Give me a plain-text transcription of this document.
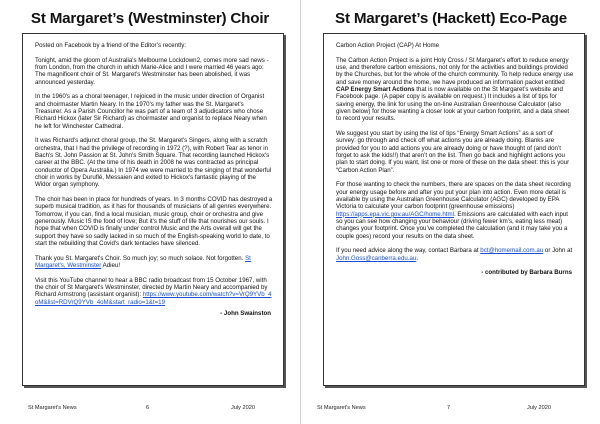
St Margaret’s (Westminster) Choir

Posted on Facebook by a friend of the Editor’s recently:

Tonight, amid the gloom of Australia's Melbourne Lockdown2, comes more sad news - from London, from the church in which Marie-Alice and I were married 46 years ago: The magnificent choir of St. Margaret's Westminster has been abolished, it was announced yesterday.

In the 1960's as a choral teenager, I rejoiced in the music under direction of Organist and choirmaster Martin Neary. In the 1970's my father was the St. Margaret's Treasurer. As a Parish Councillor he was part of a team of 3 adjudicators who chose Richard Hickox (later Sir Richard) as choirmaster and organist to replace Neary when he left for Winchester Cathedral.

It was Richard's adjunct choral group, the St. Margaret's Singers, along with a scratch orchestra, that I had the privilege of recording in 1972 (?), with Robert Tear as tenor in Bach's St. John Passion at St. John's Smith Square. That recording launched Hickox's career at the BBC. (At the time of his death in 2008 he was contracted as principal conductor of Opera Australia.) In 1974 we were married to the singing of that wonderful choir in works by Duruflé, Messaien and exited to Hickox's fantastic playing of the Widor organ symphony.

The choir has been in place for hundreds of years. In 3 months COVID has destroyed a superb musical tradition, as it has for thousands of musicians of all genres everywhere. Tomorrow, if you can, find a local musician, music group, choir or orchestra and give generously. Music IS the food of love; But it's the stuff of life that nourishes our souls. I hope that when COVID is finally under control Music and the Arts overall will get the support they have so sadly lacked in so much of the English-speaking world to date, to start the rebuilding that Covid's dark tentacles have silenced.

Thank you St. Margaret's Choir. So much joy; so much solace. Not forgotten. St Margaret's, Westminster Adieu!

Visit this YouTube channel to hear a BBC radio broadcast from 15 October 1967, with the choir of St Margaret's Westminster, directed by Martin Neary and accompanied by Richard Armstrong (assistant organist): https://www.youtube.com/watch?v=VrQ9YVb_4oM&list=RDVrQ9YVb_4oM&start_radio=1&t=19

- John Swainston
St Margaret's News	6	July 2020
St Margaret’s (Hackett) Eco-Page

Carbon Action Project (CAP) At Home

The Carbon Action Project is a joint Holy Cross / St Margaret’s effort to reduce energy use, and therefore carbon emissions, not only for the activities and buildings provided by the Churches, but for the whole of the church community. To help reduce energy use and save money around the home, we have produced an information packet entitled CAP Energy Smart Actions that is now available on the St Margaret’s website and Facebook page. (A paper copy is available on request.) It includes a list of tips for saving energy, the link for using the on-line Australian Greenhouse Calculator (also given below) for those wanting a closer look at your carbon footprint, and a data sheet to record your results.

We suggest you start by using the list of tips “Energy Smart Actions” as a sort of survey: go through and check off what actions you are already doing. Blanks are provided for you to add actions you are already doing or have thought of (and don’t forget to ask the kids!!) that aren’t on the list. Then go back and highlight actions you plan to start doing. If you want, list one or more of these on the data sheet: this is your “Carbon Action Plan”.

For those wanting to check the numbers, there are spaces on the data sheet recording your energy usage before and after you put your plan into action. Even more detail is available by using the Australian Greenhouse Calculator (AGC) developed by EPA Victoria to calculate your carbon footprint (greenhouse emissions) https://apps.epa.vic.gov.au/AGC/home.html. Emissions are calculated with each input so you can see how changing your behaviour (driving fewer km’s, eating less meat) changes your footprint. Once you’ve completed the calculation (and it may take you a couple goes) record your results on the data sheet.

If you need advice along the way, contact Barbara at bct@homemail.com.au or John at John.Goss@canberra.edu.au.

- contributed by Barbara Burns
St Margaret's News	7	July 2020
